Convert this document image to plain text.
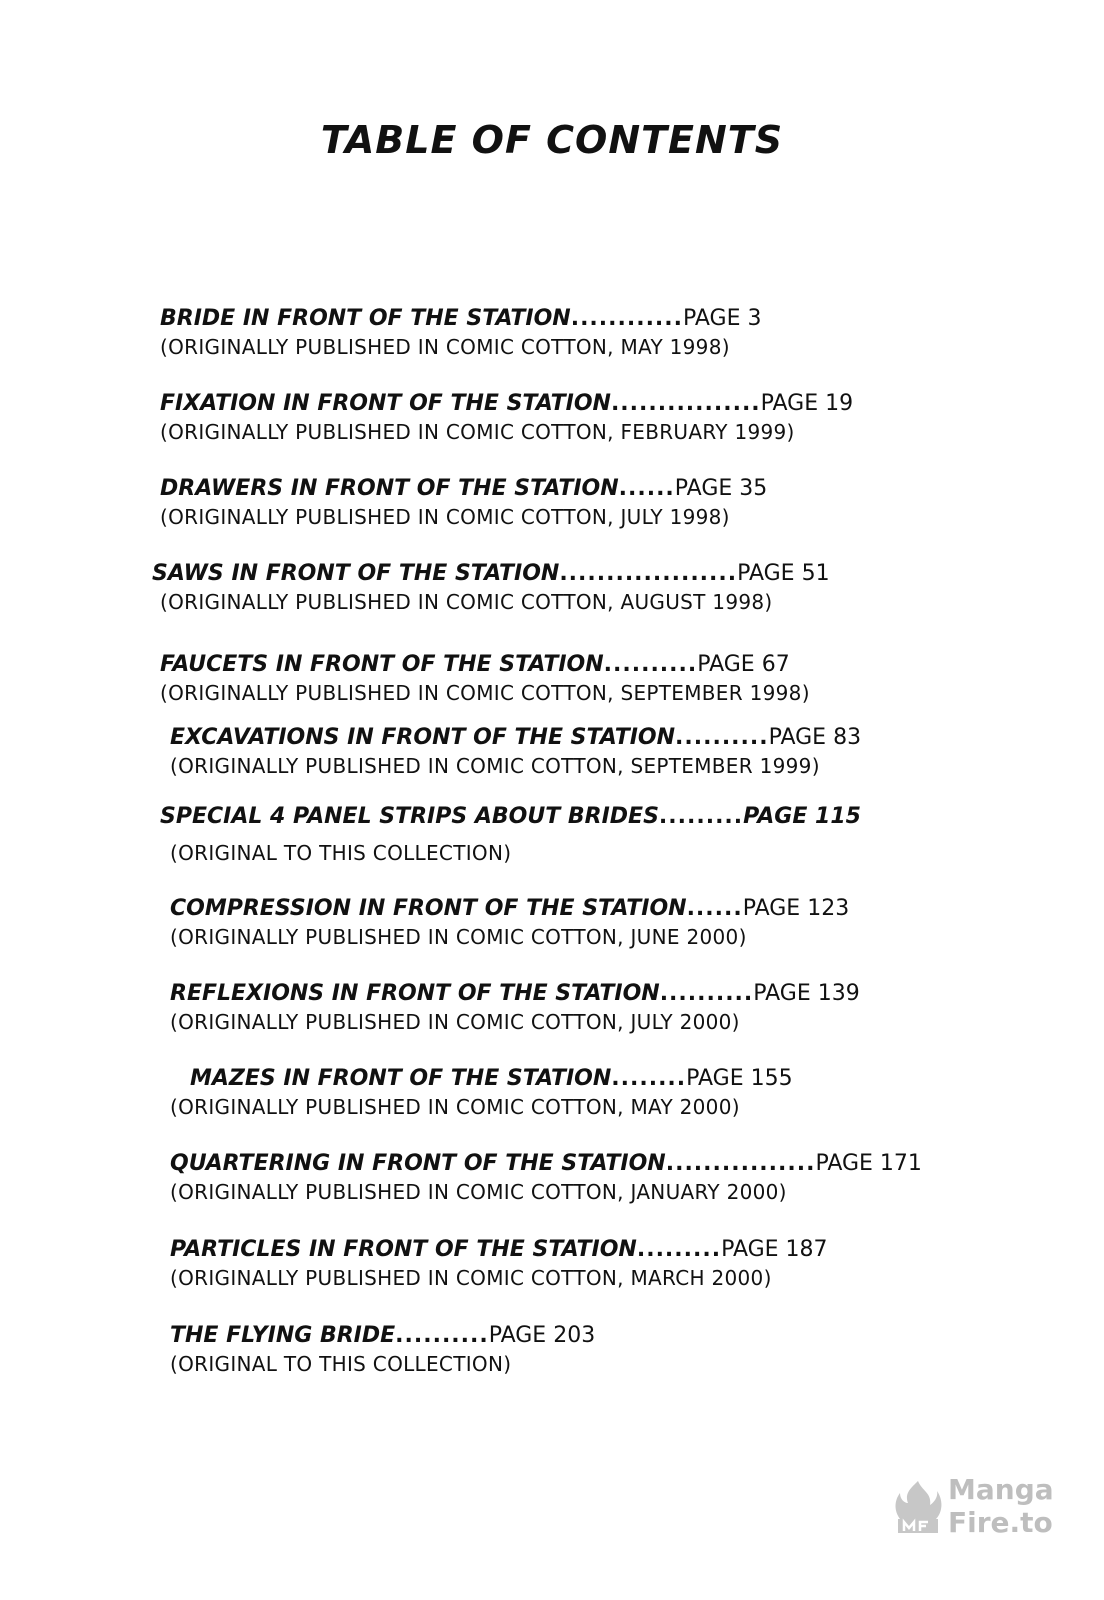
TABLE OF CONTENTS
BRIDE IN FRONT OF THE STATION............PAGE 3
(ORIGINALLY PUBLISHED IN COMIC COTTON, MAY 1998)
FIXATION IN FRONT OF THE STATION................PAGE 19
(ORIGINALLY PUBLISHED IN COMIC COTTON, FEBRUARY 1999)
DRAWERS IN FRONT OF THE STATION......PAGE 35
(ORIGINALLY PUBLISHED IN COMIC COTTON, JULY 1998)
SAWS IN FRONT OF THE STATION...................PAGE 51
(ORIGINALLY PUBLISHED IN COMIC COTTON, AUGUST 1998)
FAUCETS IN FRONT OF THE STATION..........PAGE 67
(ORIGINALLY PUBLISHED IN COMIC COTTON, SEPTEMBER 1998)
EXCAVATIONS IN FRONT OF THE STATION..........PAGE 83
(ORIGINALLY PUBLISHED IN COMIC COTTON, SEPTEMBER 1999)
SPECIAL 4 PANEL STRIPS ABOUT BRIDES.........PAGE 115
(ORIGINAL TO THIS COLLECTION)
COMPRESSION IN FRONT OF THE STATION......PAGE 123
(ORIGINALLY PUBLISHED IN COMIC COTTON, JUNE 2000)
REFLEXIONS IN FRONT OF THE STATION..........PAGE 139
(ORIGINALLY PUBLISHED IN COMIC COTTON, JULY 2000)
MAZES IN FRONT OF THE STATION........PAGE 155
(ORIGINALLY PUBLISHED IN COMIC COTTON, MAY 2000)
QUARTERING IN FRONT OF THE STATION................PAGE 171
(ORIGINALLY PUBLISHED IN COMIC COTTON, JANUARY 2000)
PARTICLES IN FRONT OF THE STATION.........PAGE 187
(ORIGINALLY PUBLISHED IN COMIC COTTON, MARCH 2000)
THE FLYING BRIDE..........PAGE 203
(ORIGINAL TO THIS COLLECTION)
Manga
Fire.to
